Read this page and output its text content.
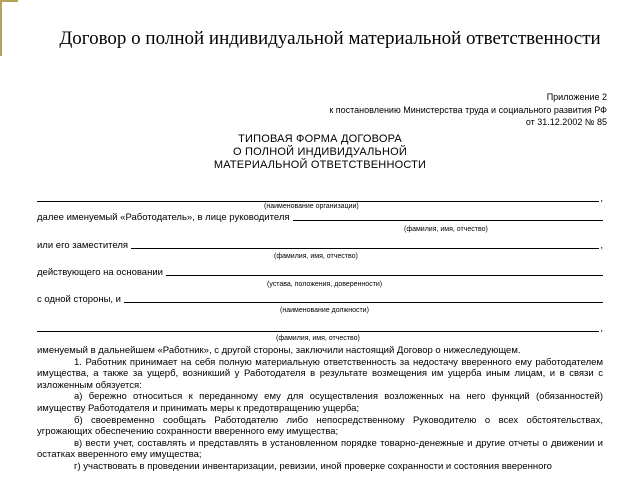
Договор о полной индивидуальной материальной ответственности
Приложение 2
к постановлению Министерства труда и социального развития РФ
от 31.12.2002 № 85
ТИПОВАЯ ФОРМА ДОГОВОРА
О ПОЛНОЙ ИНДИВИДУАЛЬНОЙ
МАТЕРИАЛЬНОЙ ОТВЕТСТВЕННОСТИ
,
(наименование организации)
далее именуемый «Работодатель», в лице руководителя
(фамилия, имя, отчество)
или его заместителя	,
(фамилия, имя, отчество)
действующего на основании
(устава, положения, доверенности)
с одной стороны, и
(наименование должности)
,
(фамилия, имя, отчество)

именуемый в дальнейшем «Работник», с другой стороны, заключили настоящий Договор о нижеследующем.

1. Работник принимает на себя полную материальную ответственность за недостачу вверенного ему работодателем имущества, а также за ущерб, возникший у Работодателя в результате возмещения им ущерба иным лицам, и в связи с изложенным обязуется:

а) бережно относиться к переданному ему для осуществления возложенных на него функций (обязанностей) имуществу Работодателя и принимать меры к предотвращению ущерба;

б) своевременно сообщать Работодателю либо непосредственному Руководителю о всех обстоятельствах, угрожающих обеспечению сохранности вверенного ему имущества;

в) вести учет, составлять и представлять в установленном порядке товарно-денежные и другие отчеты о движении и остатках вверенного ему имущества;

г) участвовать в проведении инвентаризации, ревизии, иной проверке сохранности и состояния вверенного
